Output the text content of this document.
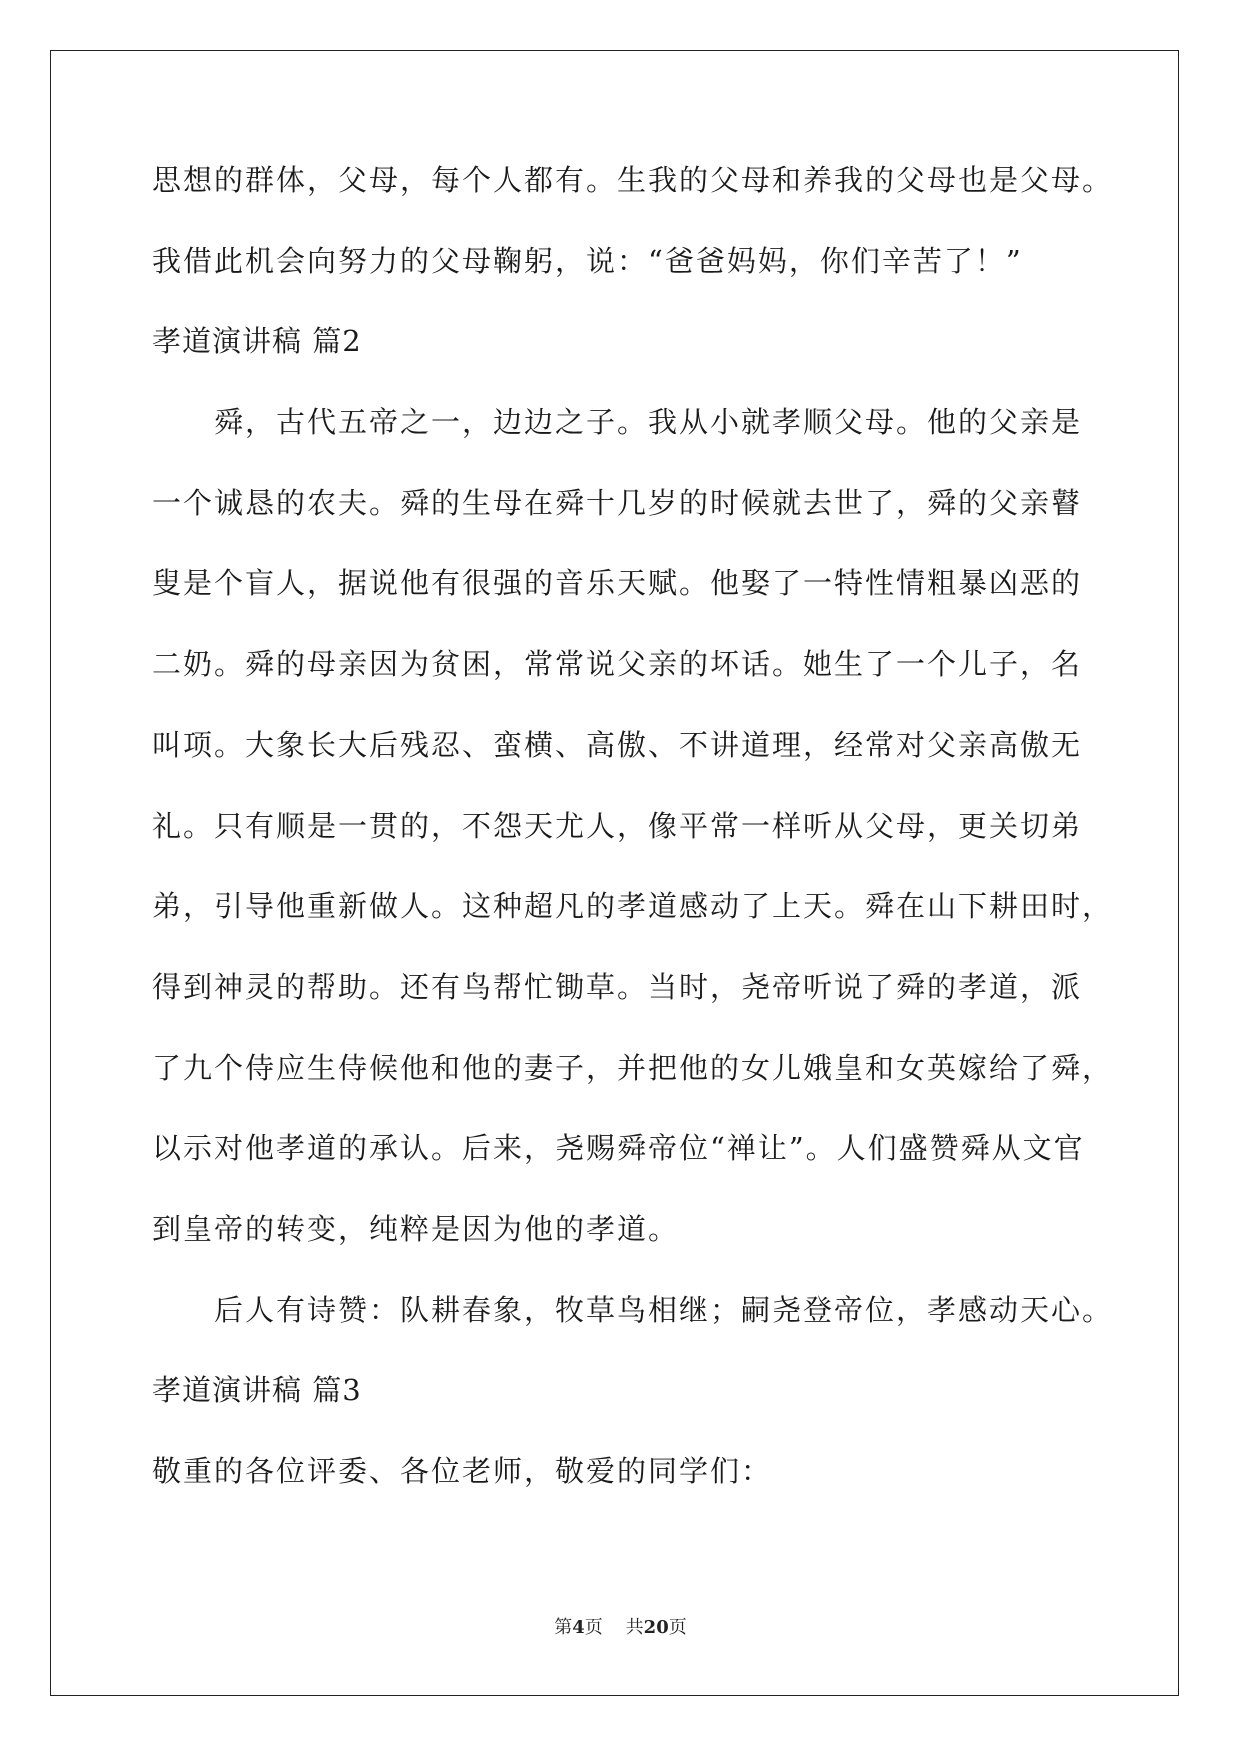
思想的群体，父母，每个人都有。生我的父母和养我的父母也是父母。
我借此机会向努力的父母鞠躬，说：“爸爸妈妈，你们辛苦了！”
孝道演讲稿 篇2
舜，古代五帝之一，边边之子。我从小就孝顺父母。他的父亲是
一个诚恳的农夫。舜的生母在舜十几岁的时候就去世了，舜的父亲瞽
叟是个盲人，据说他有很强的音乐天赋。他娶了一特性情粗暴凶恶的
二奶。舜的母亲因为贫困，常常说父亲的坏话。她生了一个儿子，名
叫项。大象长大后残忍、蛮横、高傲、不讲道理，经常对父亲高傲无
礼。只有顺是一贯的，不怨天尤人，像平常一样听从父母，更关切弟
弟，引导他重新做人。这种超凡的孝道感动了上天。舜在山下耕田时，
得到神灵的帮助。还有鸟帮忙锄草。当时，尧帝听说了舜的孝道，派
了九个侍应生侍候他和他的妻子，并把他的女儿娥皇和女英嫁给了舜，
以示对他孝道的承认。后来，尧赐舜帝位“禅让”。人们盛赞舜从文官
到皇帝的转变，纯粹是因为他的孝道。
后人有诗赞：队耕春象，牧草鸟相继；嗣尧登帝位，孝感动天心。
孝道演讲稿 篇3
敬重的各位评委、各位老师，敬爱的同学们：
第4页 共20页
